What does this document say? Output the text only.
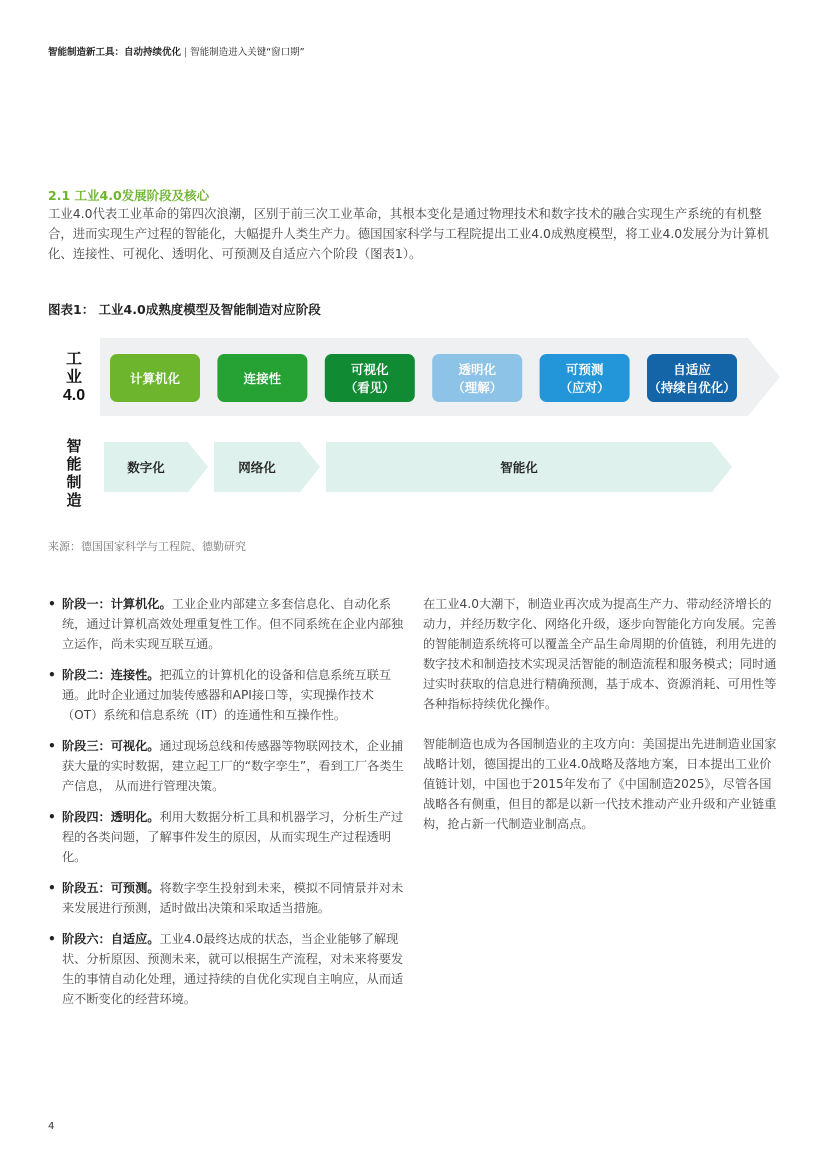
智能制造新工具：自动持续优化 | 智能制造进入关键“窗口期”
2.1 工业4.0发展阶段及核心
工业4.0代表工业革命的第四次浪潮，区别于前三次工业革命，其根本变化是通过物理技术和数字技术的融合实现生产系统的有机整合，进而实现生产过程的智能化，大幅提升人类生产力。德国国家科学与工程院提出工业4.0成熟度模型，将工业4.0发展分为计算机化、连接性、可视化、透明化、可预测及自适应六个阶段（图表1）。
图表1： 工业4.0成熟度模型及智能制造对应阶段
工
业
4.0
计算机化	连接性
可视化
（看见）
透明化
（理解）
可预测
（应对）
自适应
（持续自优化）
智
能
制
造
数字化	网络化	智能化
来源：德国国家科学与工程院、德勤研究
• 阶段一：计算机化。工业企业内部建立多套信息化、自动化系统，通过计算机高效处理重复性工作。但不同系统在企业内部独立运作，尚未实现互联互通。
• 阶段二：连接性。把孤立的计算机化的设备和信息系统互联互通。此时企业通过加装传感器和API接口等，实现操作技术（OT）系统和信息系统（IT）的连通性和互操作性。
• 阶段三：可视化。通过现场总线和传感器等物联网技术，企业捕获大量的实时数据，建立起工厂的“数字孪生”，看到工厂各类生产信息， 从而进行管理决策。
• 阶段四：透明化。利用大数据分析工具和机器学习，分析生产过程的各类问题，了解事件发生的原因，从而实现生产过程透明化。
• 阶段五：可预测。将数字孪生投射到未来，模拟不同情景并对未来发展进行预测，适时做出决策和采取适当措施。
• 阶段六：自适应。工业4.0最终达成的状态，当企业能够了解现状、分析原因、预测未来，就可以根据生产流程，对未来将要发生的事情自动化处理，通过持续的自优化实现自主响应，从而适应不断变化的经营环境。

在工业4.0大潮下，制造业再次成为提高生产力、带动经济增长的动力，并经历数字化、网络化升级，逐步向智能化方向发展。完善的智能制造系统将可以覆盖全产品生命周期的价值链，利用先进的数字技术和制造技术实现灵活智能的制造流程和服务模式；同时通过实时获取的信息进行精确预测，基于成本、资源消耗、可用性等各种指标持续优化操作。

智能制造也成为各国制造业的主攻方向：美国提出先进制造业国家战略计划，德国提出的工业4.0战略及落地方案，日本提出工业价值链计划，中国也于2015年发布了《中国制造2025》，尽管各国战略各有侧重，但目的都是以新一代技术推动产业升级和产业链重构，抢占新一代制造业制高点。

4
